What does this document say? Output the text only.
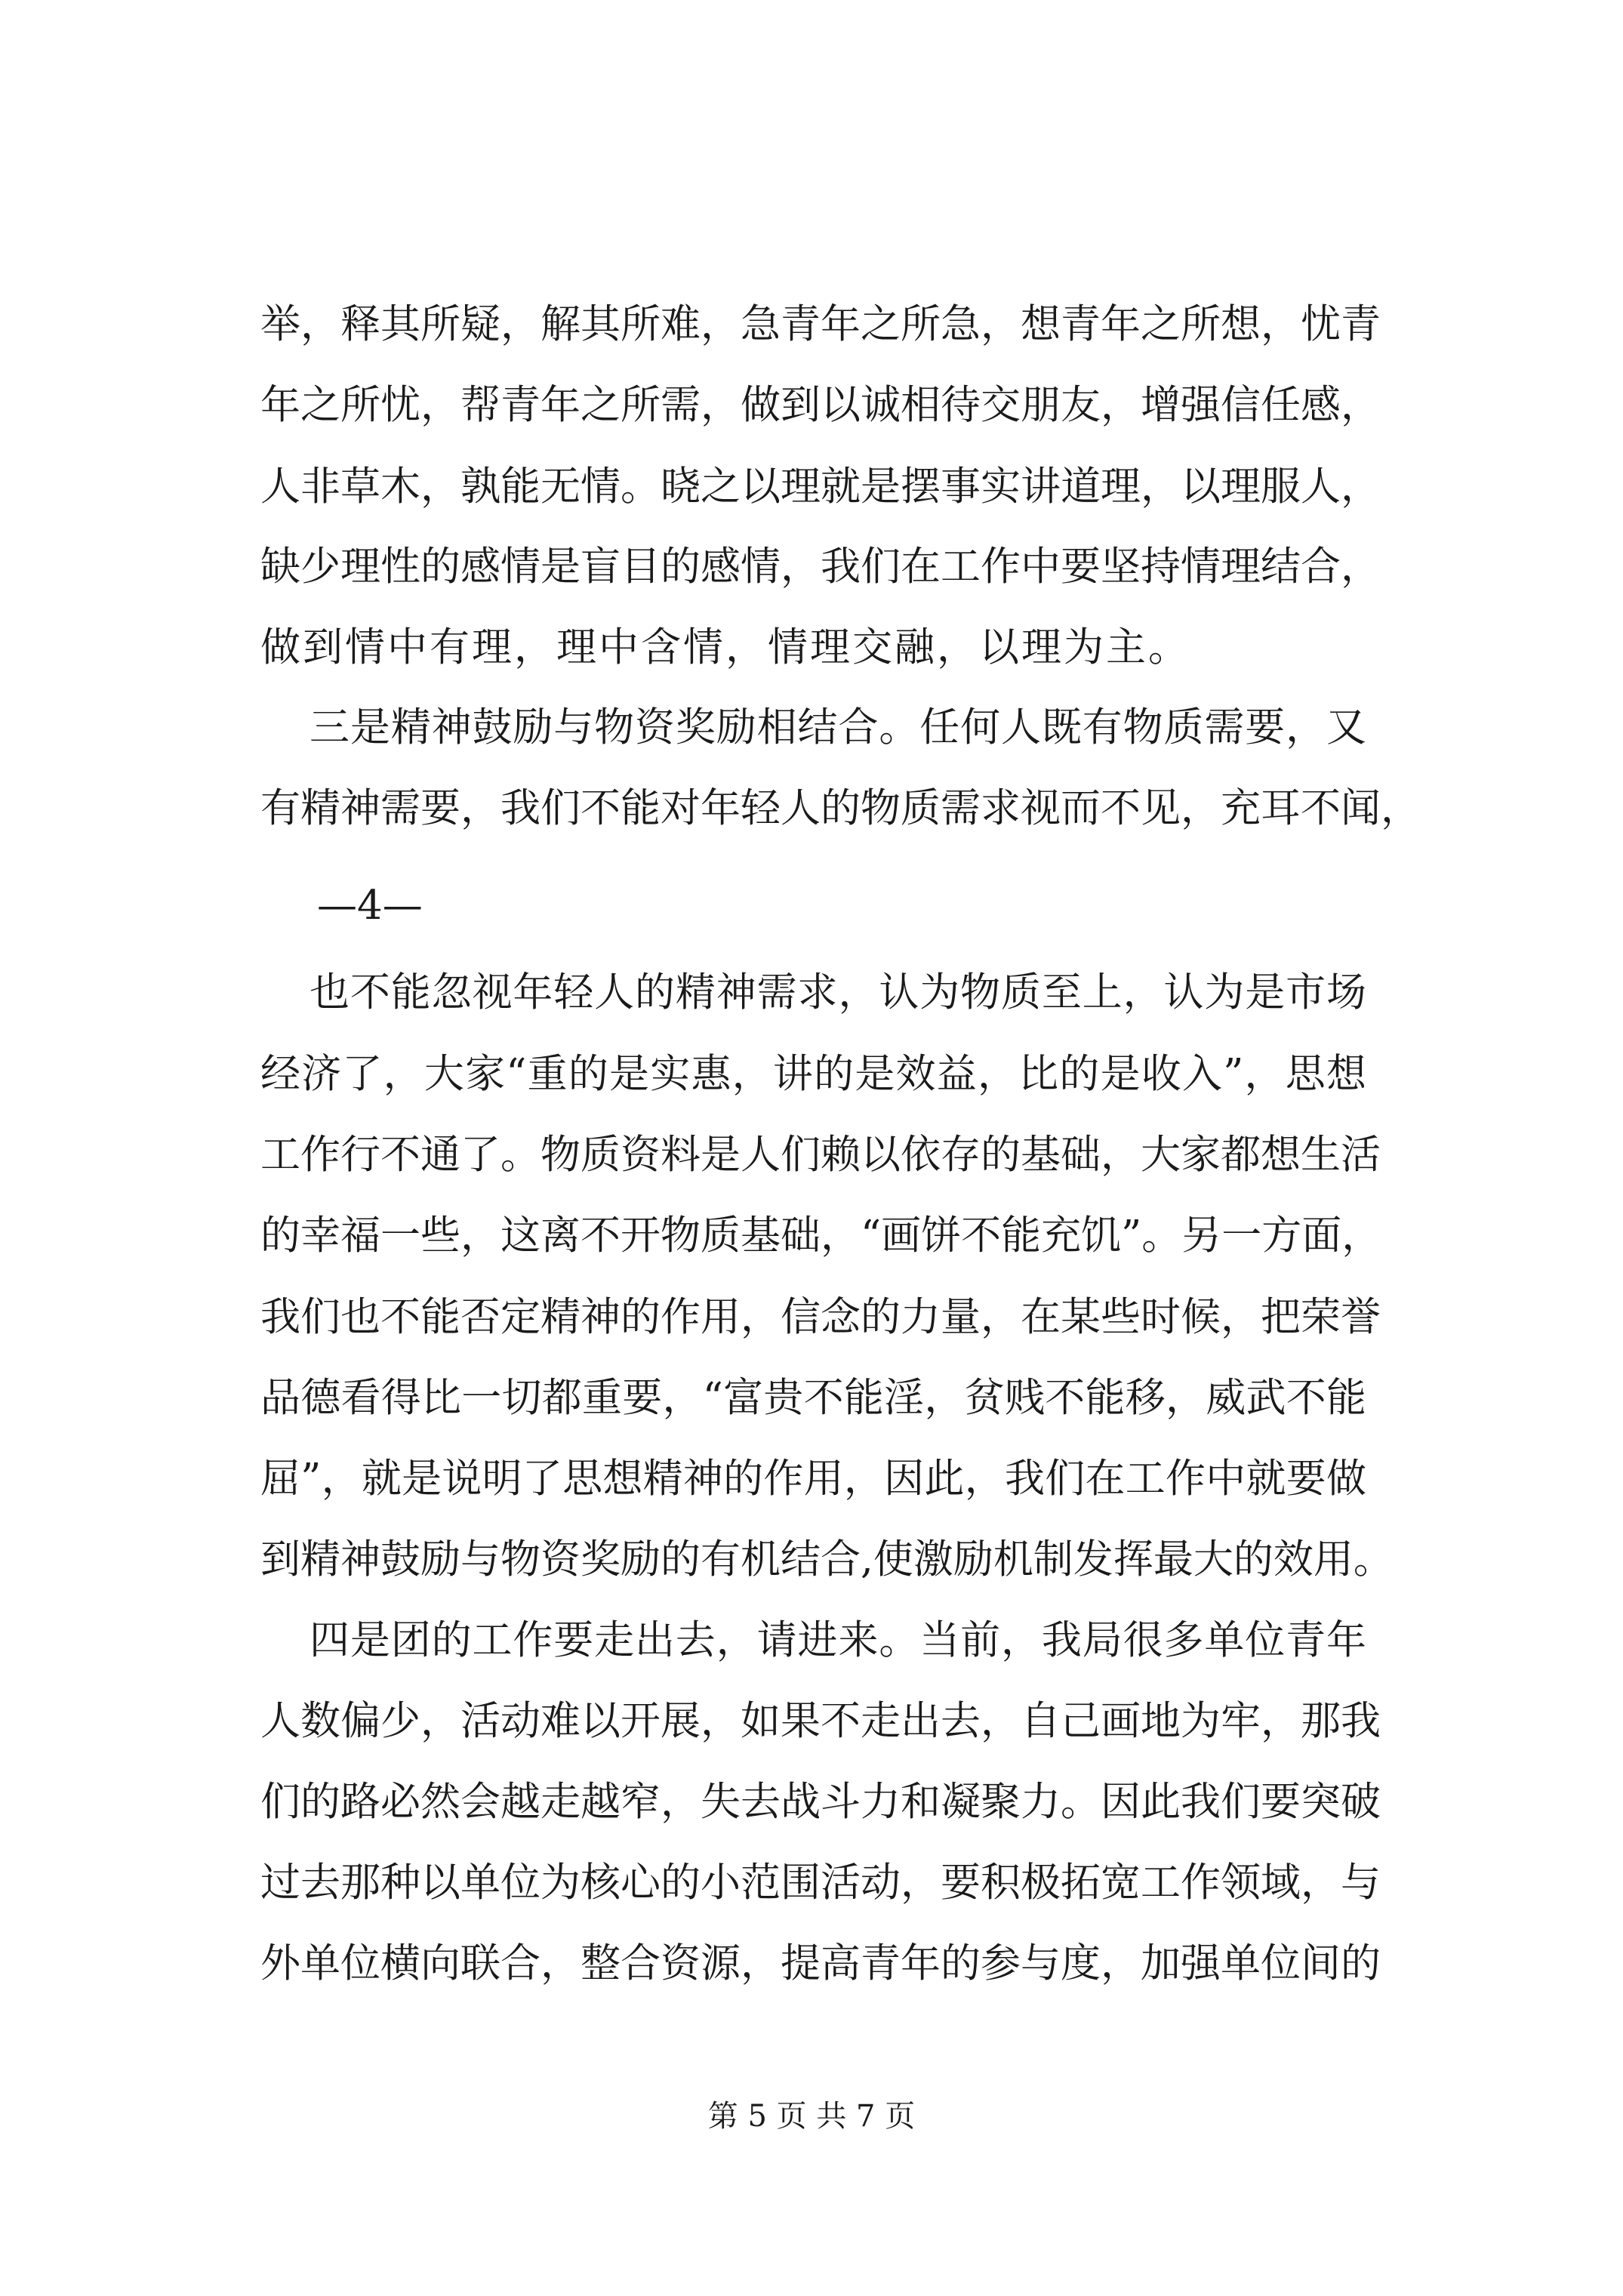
举，释其所疑，解其所难，急青年之所急，想青年之所想，忧青
年之所忧，帮青年之所需，做到以诚相待交朋友，增强信任感，
人非草木，孰能无情。晓之以理就是摆事实讲道理，以理服人，
缺少理性的感情是盲目的感情，我们在工作中要坚持情理结合，
做到情中有理，理中含情，情理交融，以理为主。
三是精神鼓励与物资奖励相结合。任何人既有物质需要，又
有精神需要，我们不能对年轻人的物质需求视而不见，充耳不闻，
—4—
也不能忽视年轻人的精神需求，认为物质至上，认为是市场
经济了，大家“重的是实惠，讲的是效益，比的是收入”，思想
工作行不通了。物质资料是人们赖以依存的基础，大家都想生活
的幸福一些，这离不开物质基础，“画饼不能充饥”。另一方面，
我们也不能否定精神的作用，信念的力量，在某些时候，把荣誉
品德看得比一切都重要，“富贵不能淫，贫贱不能移，威武不能
屈”，就是说明了思想精神的作用，因此，我们在工作中就要做
到精神鼓励与物资奖励的有机结合,使激励机制发挥最大的效用。
四是团的工作要走出去，请进来。当前，我局很多单位青年
人数偏少，活动难以开展，如果不走出去，自己画地为牢，那我
们的路必然会越走越窄，失去战斗力和凝聚力。因此我们要突破
过去那种以单位为核心的小范围活动，要积极拓宽工作领域，与
外单位横向联合，整合资源，提高青年的参与度，加强单位间的
第 5 页 共 7 页
